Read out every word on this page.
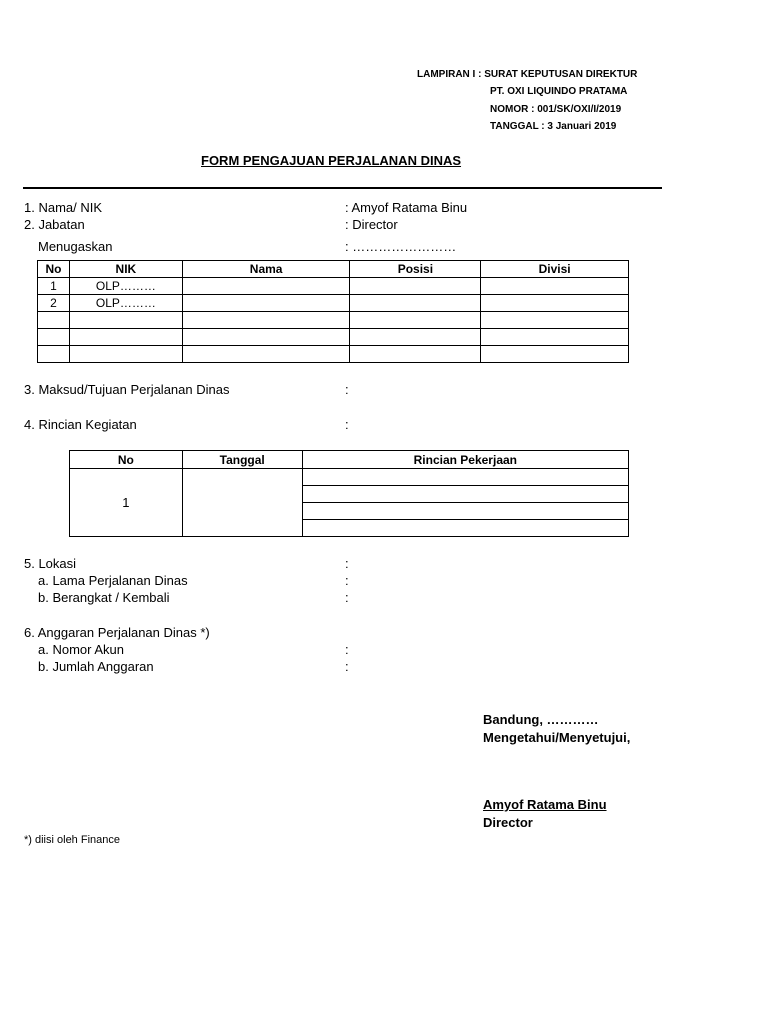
LAMPIRAN I : SURAT KEPUTUSAN DIREKTUR
PT. OXI LIQUINDO PRATAMA
NOMOR : 001/SK/OXI/I/2019
TANGGAL : 3 Januari 2019
FORM PENGAJUAN PERJALANAN DINAS
1. Nama/ NIK	: Amyof Ratama Binu
2. Jabatan	: Director
Menugaskan	: ……………………
No	NIK	Nama	Posisi	Divisi
1	OLP………			
2	OLP………			

3. Maksud/Tujuan Perjalanan Dinas	:
4. Rincian Kegiatan	:
No	Tanggal	Rincian Pekerjaan
1		

5. Lokasi	:
a. Lama Perjalanan Dinas	:
b. Berangkat / Kembali	:
6. Anggaran Perjalanan Dinas *)
a. Nomor Akun	:
b. Jumlah Anggaran	:
Bandung, …………
Mengetahui/Menyetujui,
Amyof Ratama Binu
Director
*) diisi oleh Finance
